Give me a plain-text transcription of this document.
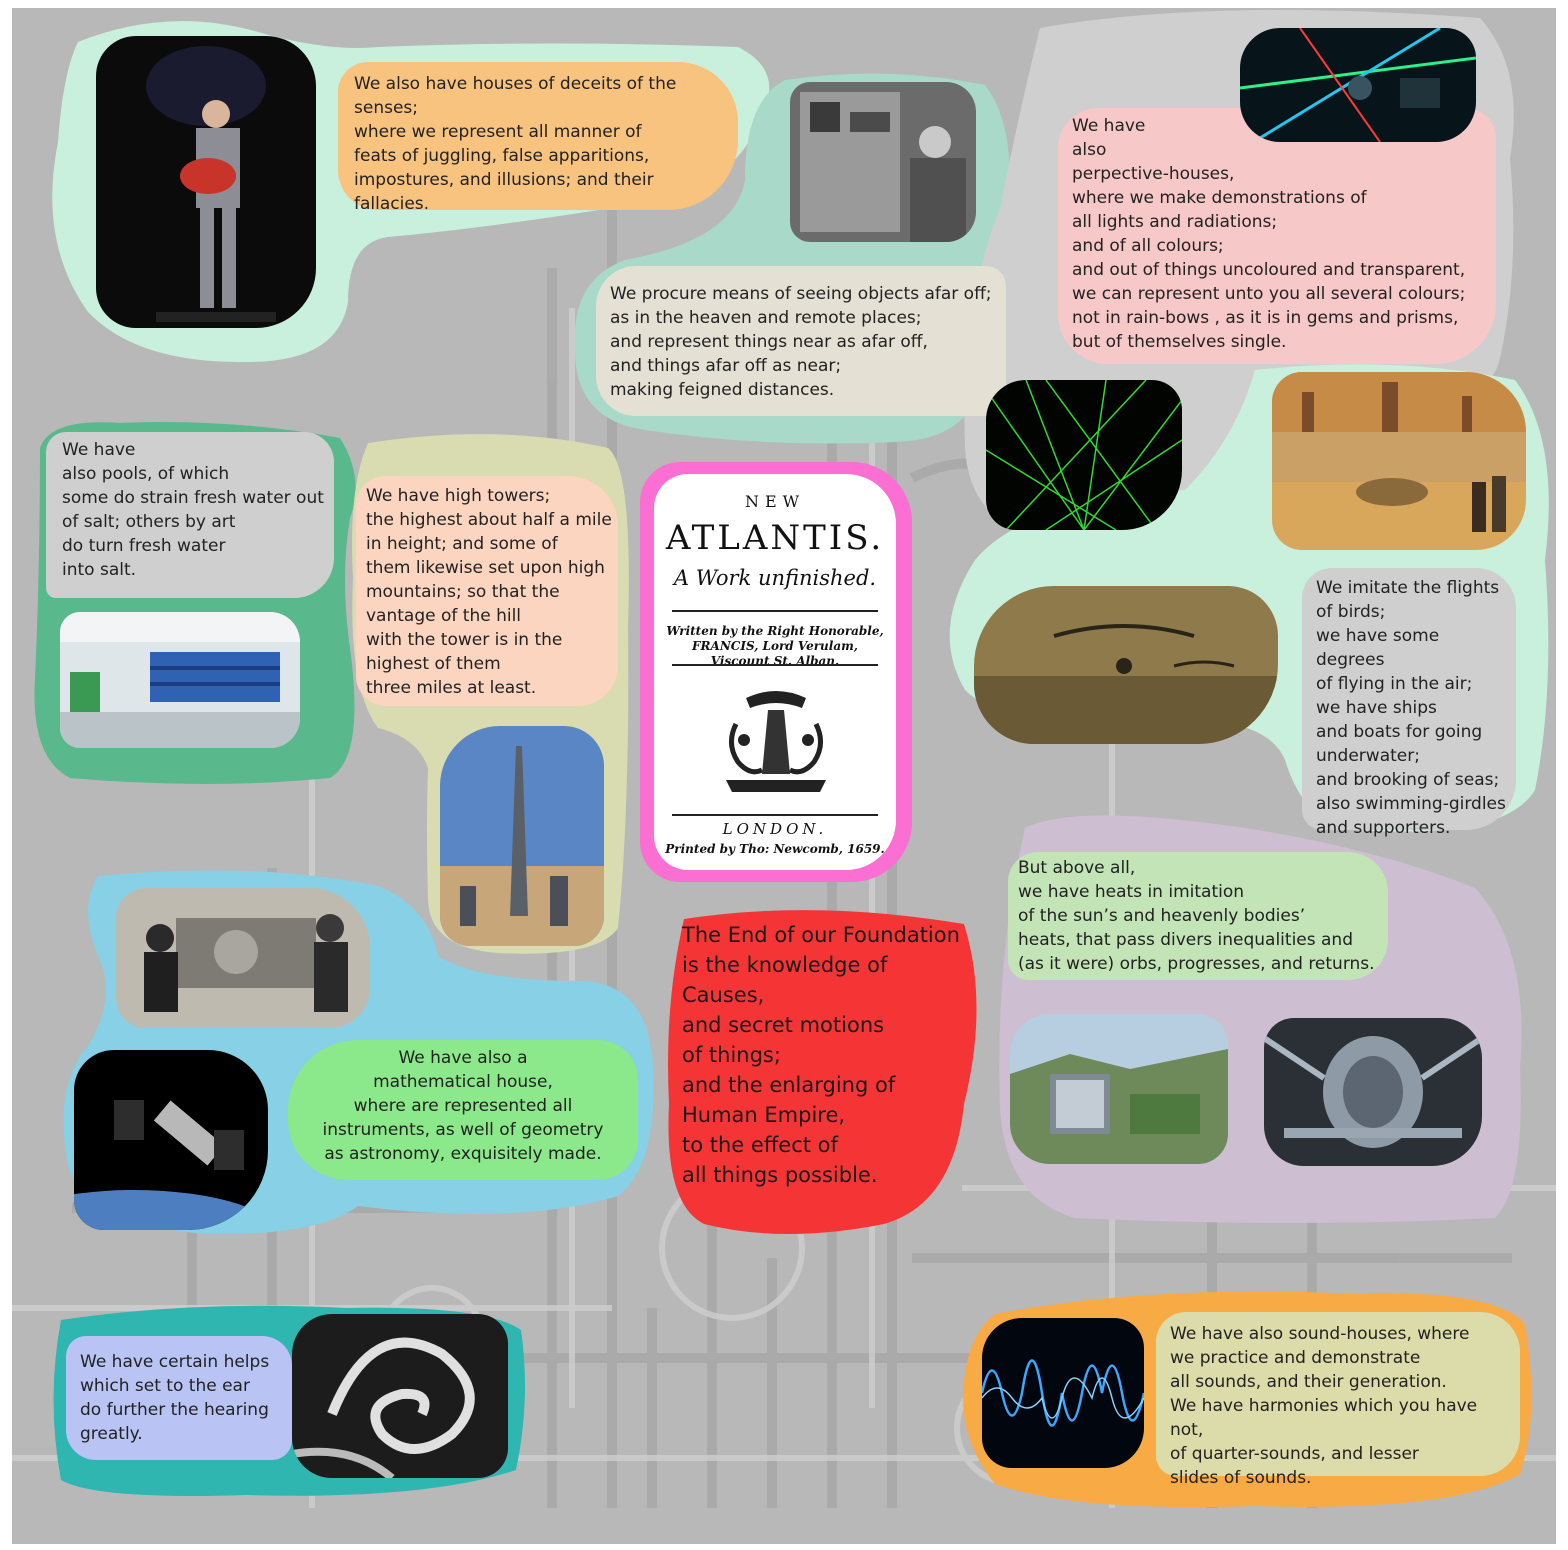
We also have houses of deceits of the senses;
where we represent all manner of
feats of juggling, false apparitions,
impostures, and illusions; and their
fallacies.
We procure means of seeing objects afar off;
as in the heaven and remote places;
and represent things near as afar off,
and things afar off as near;
making feigned distances.
We have
also
perpective-houses,
where we make demonstrations of
all lights and radiations;
and of all colours;
and out of things uncoloured and transparent,
we can represent unto you all several colours;
not in rain-bows , as it is in gems and prisms,
but of themselves single.
We have
also pools, of which
some do strain fresh water out
of salt; others by art
do turn fresh water
into salt.
We have high towers;
the highest about half a mile
in height; and some of
them likewise set upon high
mountains; so that the
vantage of the hill
with the tower is in the
highest of them
three miles at least.
We imitate the flights
of birds;
we have some degrees
of flying in the air;
we have ships
and boats for going
underwater;
and brooking of seas;
also swimming-girdles
and supporters.
But above all,
we have heats in imitation
of the sun’s and heavenly bodies’
heats, that pass divers inequalities and
(as it were) orbs, progresses, and returns.
We have also a
mathematical house,
where are represented all
instruments, as well of geometry
as astronomy, exquisitely made.
We have certain helps
which set to the ear
do further the hearing
greatly.
We have also sound-houses, where
we practice and demonstrate
all sounds, and their generation.
We have harmonies which you have not,
of quarter-sounds, and lesser
slides of sounds.
The End of our Foundation
is the knowledge of
Causes,
and secret motions
of things;
and the enlarging of
Human Empire,
to the effect of
all things possible.
NEW
ATLANTIS.
A Work unfinished.
Written by the Right Honorable, FRANCIS, Lord Verulam, Viscount St. Alban.
LONDON.
Printed by Tho: Newcomb, 1659.
